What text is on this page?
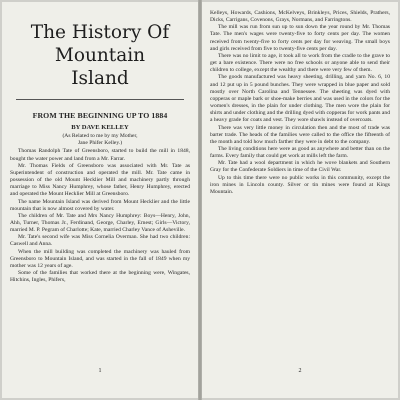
The History Of Mountain
Island
FROM THE BEGINNING UP TO 1884
BY DAVE KELLEY
(As Related to me by my Mother,
Jane Phifer Kelley.)

Thomas Randolph Tate of Greensboro, started to build the mill in 1848, bought the water power and land from a Mr. Farrar.

Mr. Thomas Fields of Greensboro was associated with Mr. Tate as Superintendent of construction and operated the mill. Mr. Tate came in possession of the old Mount Hecklier Mill and machinery partly through marriage to Miss Nancy Humphrey, whose father, Henry Humphrey, erected and operated the Mount Hecklier Mill at Greensboro.

The name Mountain Island was derived from Mount Hecklier and the little mountain that is now almost covered by water.

The children of Mr. Tate and Mrs Nancy Humphrey: Boys—Henry, John, Ahh, Turner, Thomas Jr., Ferdinand, George, Charley, Ernest; Girls—Victory, married M. P. Pegram of Charlotte; Kate, married Charley Vance of Asheville.

Mr. Tate's second wife was Miss Cornelia Overman. She had two children: Caswell and Anna.

When the mill building was completed the machinery was hauled from Greensboro to Mountain Island, and was started in the fall of 1849 when my mother was 12 years of age.

Some of the families that worked there at the beginning were, Wingates, Hitchins, Ingles, Phifers,

1

Kelleys, Howards, Cashions, McKelveys, Brinkleys, Prices, Shields, Prathers, Dicks, Carrigans, Covenons, Grays, Normans, and Farringtons.

The mill was run from sun up to sun down the year round by Mr. Thomas Tate. The men's wages were twenty-five to forty cents per day. The women received from twenty-five to forty cents per day for weaving. The small boys and girls received from five to twenty-five cents per day.

There was no limit to age, it took all to work from the cradle to the grave to get a bare existence. There were no free schools or anyone able to send their children to college, except the wealthy and there were very few of them.

The goods manufactured was heavy sheeting, drilling, and yarn No. 6, 10 and 12 put up in 5 pound bunches. They were wrapped in blue paper and sold mostly over North Carolina and Tennessee. The sheeting was dyed with copperas or maple bark or shoe-make berries and was used in the colors for the women's dresses, in the plain for under clothing. The men wore the plain for shirts and under clothing and the drilling dyed with copperas for work pants and a heavy grade for coats and vest. They wore shawls instead of overcoats.

There was very little money in circulation then and the most of trade was barter trade. The heads of the families were called to the office the fifteenth of the month and told how much farther they were in debt to the company.

The living conditions here were as good as anywhere and better than on the farms. Every family that could get work at mills left the farm.

Mr. Tate had a wool department in which he wove blankets and Southern Gray for the Confederate Soldiers in time of the Civil War.

Up to this time there were no public works in this community, except the iron mines in Lincoln county. Silver or tin mines were found at Kings Mountain.

2
